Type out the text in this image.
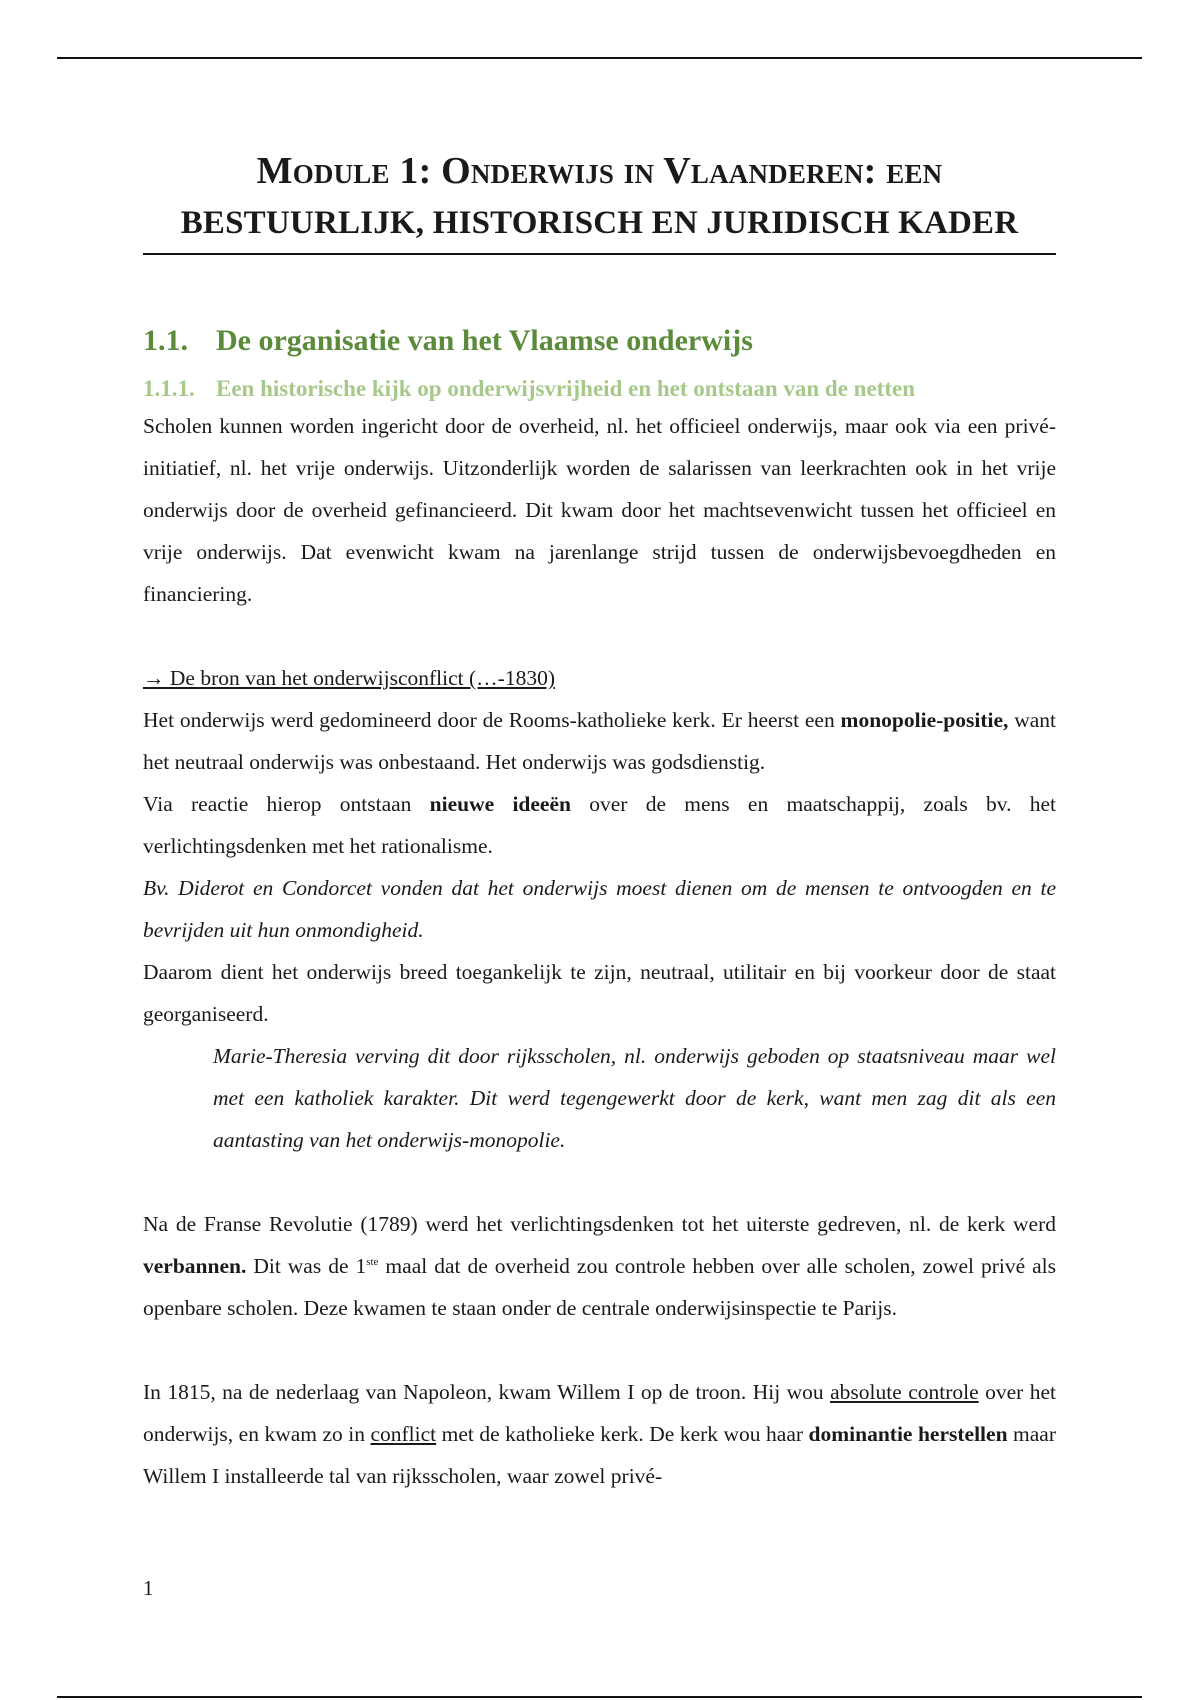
Module 1: Onderwijs in Vlaanderen: een
BESTUURLIJK, HISTORISCH EN JURIDISCH KADER
1.1. De organisatie van het Vlaamse onderwijs
1.1.1. Een historische kijk op onderwijsvrijheid en het ontstaan van de netten

Scholen kunnen worden ingericht door de overheid, nl. het officieel onderwijs, maar ook via een privé-initiatief, nl. het vrije onderwijs. Uitzonderlijk worden de salarissen van leerkrachten ook in het vrije onderwijs door de overheid gefinancieerd. Dit kwam door het machtsevenwicht tussen het officieel en vrije onderwijs. Dat evenwicht kwam na jarenlange strijd tussen de onderwijsbevoegdheden en financiering.

→ De bron van het onderwijsconflict (…-1830)

Het onderwijs werd gedomineerd door de Rooms-katholieke kerk. Er heerst een monopolie-positie, want het neutraal onderwijs was onbestaand. Het onderwijs was godsdienstig.

Via reactie hierop ontstaan nieuwe ideeën over de mens en maatschappij, zoals bv. het verlichtingsdenken met het rationalisme.

Bv. Diderot en Condorcet vonden dat het onderwijs moest dienen om de mensen te ontvoogden en te bevrijden uit hun onmondigheid.

Daarom dient het onderwijs breed toegankelijk te zijn, neutraal, utilitair en bij voorkeur door de staat georganiseerd.

Marie-Theresia verving dit door rijksscholen, nl. onderwijs geboden op staatsniveau maar wel met een katholiek karakter. Dit werd tegengewerkt door de kerk, want men zag dit als een aantasting van het onderwijs-monopolie.

Na de Franse Revolutie (1789) werd het verlichtingsdenken tot het uiterste gedreven, nl. de kerk werd verbannen. Dit was de 1ste maal dat de overheid zou controle hebben over alle scholen, zowel privé als openbare scholen. Deze kwamen te staan onder de centrale onderwijsinspectie te Parijs.

In 1815, na de nederlaag van Napoleon, kwam Willem I op de troon. Hij wou absolute controle over het onderwijs, en kwam zo in conflict met de katholieke kerk. De kerk wou haar dominantie herstellen maar Willem I installeerde tal van rijksscholen, waar zowel privé-

1
